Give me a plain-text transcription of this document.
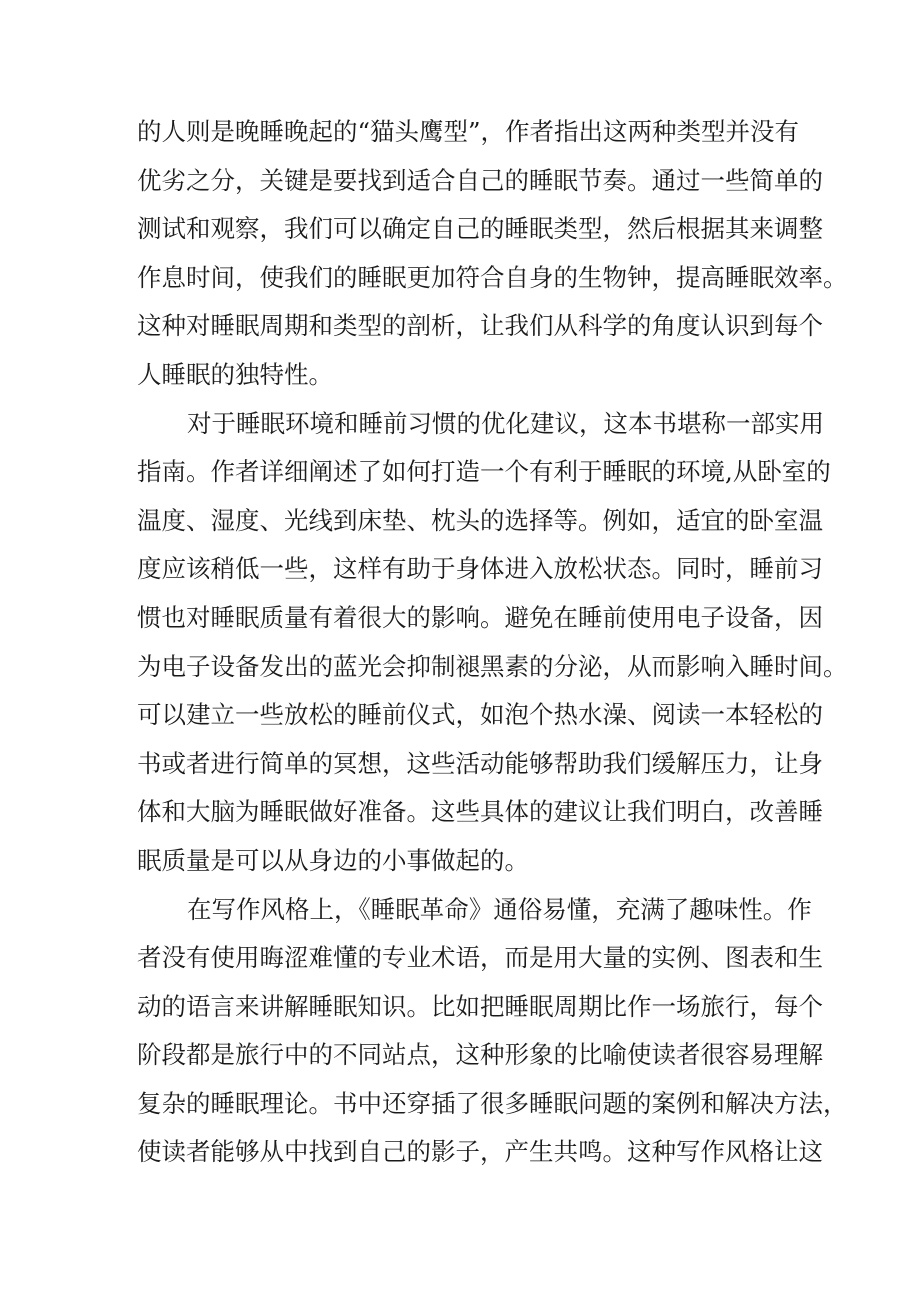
的人则是晚睡晚起的“猫头鹰型”，作者指出这两种类型并没有
优劣之分，关键是要找到适合自己的睡眠节奏。通过一些简单的
测试和观察，我们可以确定自己的睡眠类型，然后根据其来调整
作息时间，使我们的睡眠更加符合自身的生物钟，提高睡眠效率。
这种对睡眠周期和类型的剖析，让我们从科学的角度认识到每个
人睡眠的独特性。
对于睡眠环境和睡前习惯的优化建议，这本书堪称一部实用
指南。作者详细阐述了如何打造一个有利于睡眠的环境,从卧室的
温度、湿度、光线到床垫、枕头的选择等。例如，适宜的卧室温
度应该稍低一些，这样有助于身体进入放松状态。同时，睡前习
惯也对睡眠质量有着很大的影响。避免在睡前使用电子设备，因
为电子设备发出的蓝光会抑制褪黑素的分泌，从而影响入睡时间。
可以建立一些放松的睡前仪式，如泡个热水澡、阅读一本轻松的
书或者进行简单的冥想，这些活动能够帮助我们缓解压力，让身
体和大脑为睡眠做好准备。这些具体的建议让我们明白，改善睡
眠质量是可以从身边的小事做起的。
在写作风格上，《睡眠革命》通俗易懂，充满了趣味性。作
者没有使用晦涩难懂的专业术语，而是用大量的实例、图表和生
动的语言来讲解睡眠知识。比如把睡眠周期比作一场旅行，每个
阶段都是旅行中的不同站点，这种形象的比喻使读者很容易理解
复杂的睡眠理论。书中还穿插了很多睡眠问题的案例和解决方法，
使读者能够从中找到自己的影子，产生共鸣。这种写作风格让这
